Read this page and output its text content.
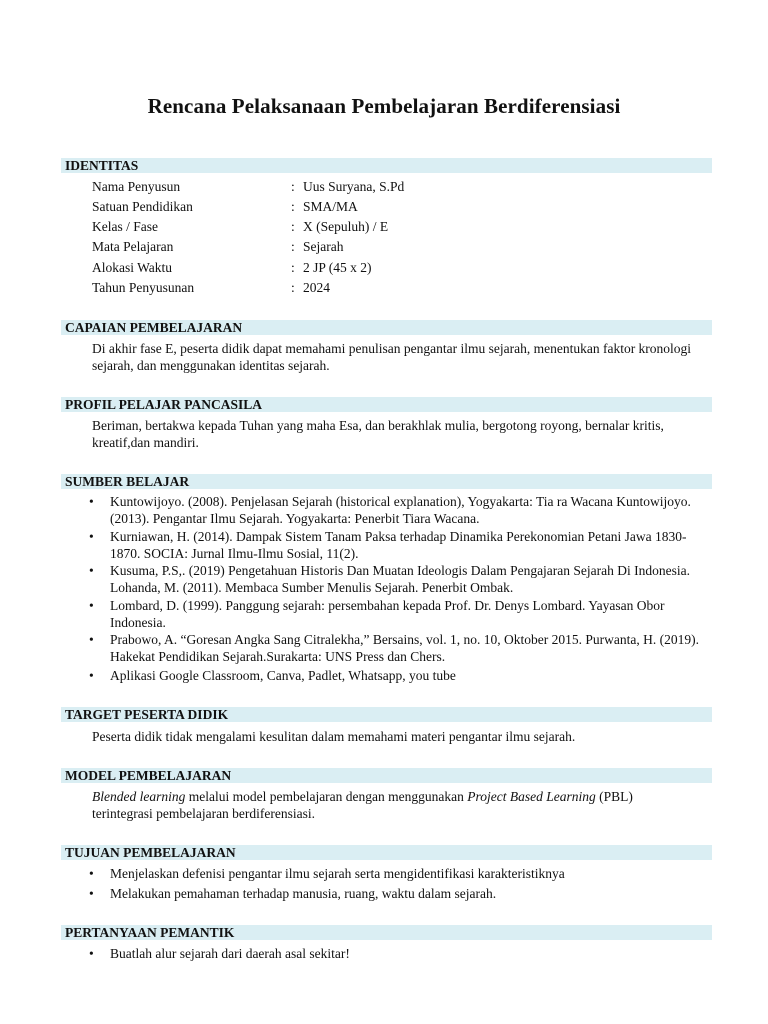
Rencana Pelaksanaan Pembelajaran Berdiferensiasi
IDENTITAS
Nama Penyusun	: Uus Suryana, S.Pd
Satuan Pendidikan	: SMA/MA
Kelas / Fase	: X (Sepuluh) / E
Mata Pelajaran	: Sejarah
Alokasi Waktu	: 2 JP (45 x 2)
Tahun Penyusunan	: 2024
CAPAIAN PEMBELAJARAN
Di akhir fase E, peserta didik dapat memahami penulisan pengantar ilmu sejarah, menentukan faktor kronologi
sejarah, dan menggunakan identitas sejarah.
PROFIL PELAJAR PANCASILA
Beriman, bertakwa kepada Tuhan yang maha Esa, dan berakhlak mulia, bergotong royong, bernalar kritis,
kreatif,dan mandiri.
SUMBER BELAJAR
• Kuntowijoyo. (2008). Penjelasan Sejarah (historical explanation), Yogyakarta: Tia ra Wacana Kuntowijoyo.
(2013). Pengantar Ilmu Sejarah. Yogyakarta: Penerbit Tiara Wacana.
• Kurniawan, H. (2014). Dampak Sistem Tanam Paksa terhadap Dinamika Perekonomian Petani Jawa 1830-
1870. SOCIA: Jurnal Ilmu-Ilmu Sosial, 11(2).
• Kusuma, P.S,. (2019) Pengetahuan Historis Dan Muatan Ideologis Dalam Pengajaran Sejarah Di Indonesia.
Lohanda, M. (2011). Membaca Sumber Menulis Sejarah. Penerbit Ombak.
• Lombard, D. (1999). Panggung sejarah: persembahan kepada Prof. Dr. Denys Lombard. Yayasan Obor
Indonesia.
• Prabowo, A. “Goresan Angka Sang Citralekha,” Bersains, vol. 1, no. 10, Oktober 2015. Purwanta, H. (2019).
Hakekat Pendidikan Sejarah.Surakarta: UNS Press dan Chers.
• Aplikasi Google Classroom, Canva, Padlet, Whatsapp, you tube
TARGET PESERTA DIDIK
Peserta didik tidak mengalami kesulitan dalam memahami materi pengantar ilmu sejarah.
MODEL PEMBELAJARAN
Blended learning melalui model pembelajaran dengan menggunakan Project Based Learning (PBL)
terintegrasi pembelajaran berdiferensiasi.
TUJUAN PEMBELAJARAN
• Menjelaskan defenisi pengantar ilmu sejarah serta mengidentifikasi karakteristiknya
• Melakukan pemahaman terhadap manusia, ruang, waktu dalam sejarah.
PERTANYAAN PEMANTIK
• Buatlah alur sejarah dari daerah asal sekitar!
